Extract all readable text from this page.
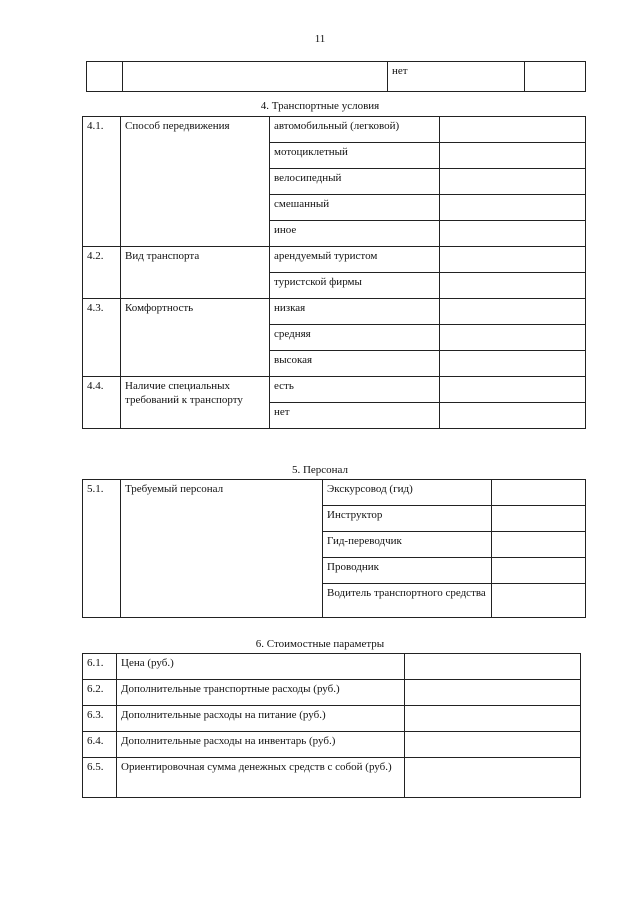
11
		нет	
4. Транспортные условия
4.1.	Способ передвижения	автомобильный (легковой)	
		мотоциклетный	
		велосипедный	
		смешанный	
		иное	
4.2.	Вид транспорта	арендуемый туристом	
		туристской фирмы	
4.3.	Комфортность	низкая	
		средняя	
		высокая	
4.4.	Наличие специальных требований к транспорту	есть	
		нет	
5. Персонал
5.1.	Требуемый персонал	Экскурсовод (гид)	
		Инструктор	
		Гид-переводчик	
		Проводник	
		Водитель транспортного средства	
6. Стоимостные параметры
6.1.	Цена (руб.)	
6.2.	Дополнительные транспортные расходы (руб.)	
6.3.	Дополнительные расходы на питание (руб.)	
6.4.	Дополнительные расходы на инвентарь (руб.)	
6.5.	Ориентировочная сумма денежных средств с собой (руб.)	
